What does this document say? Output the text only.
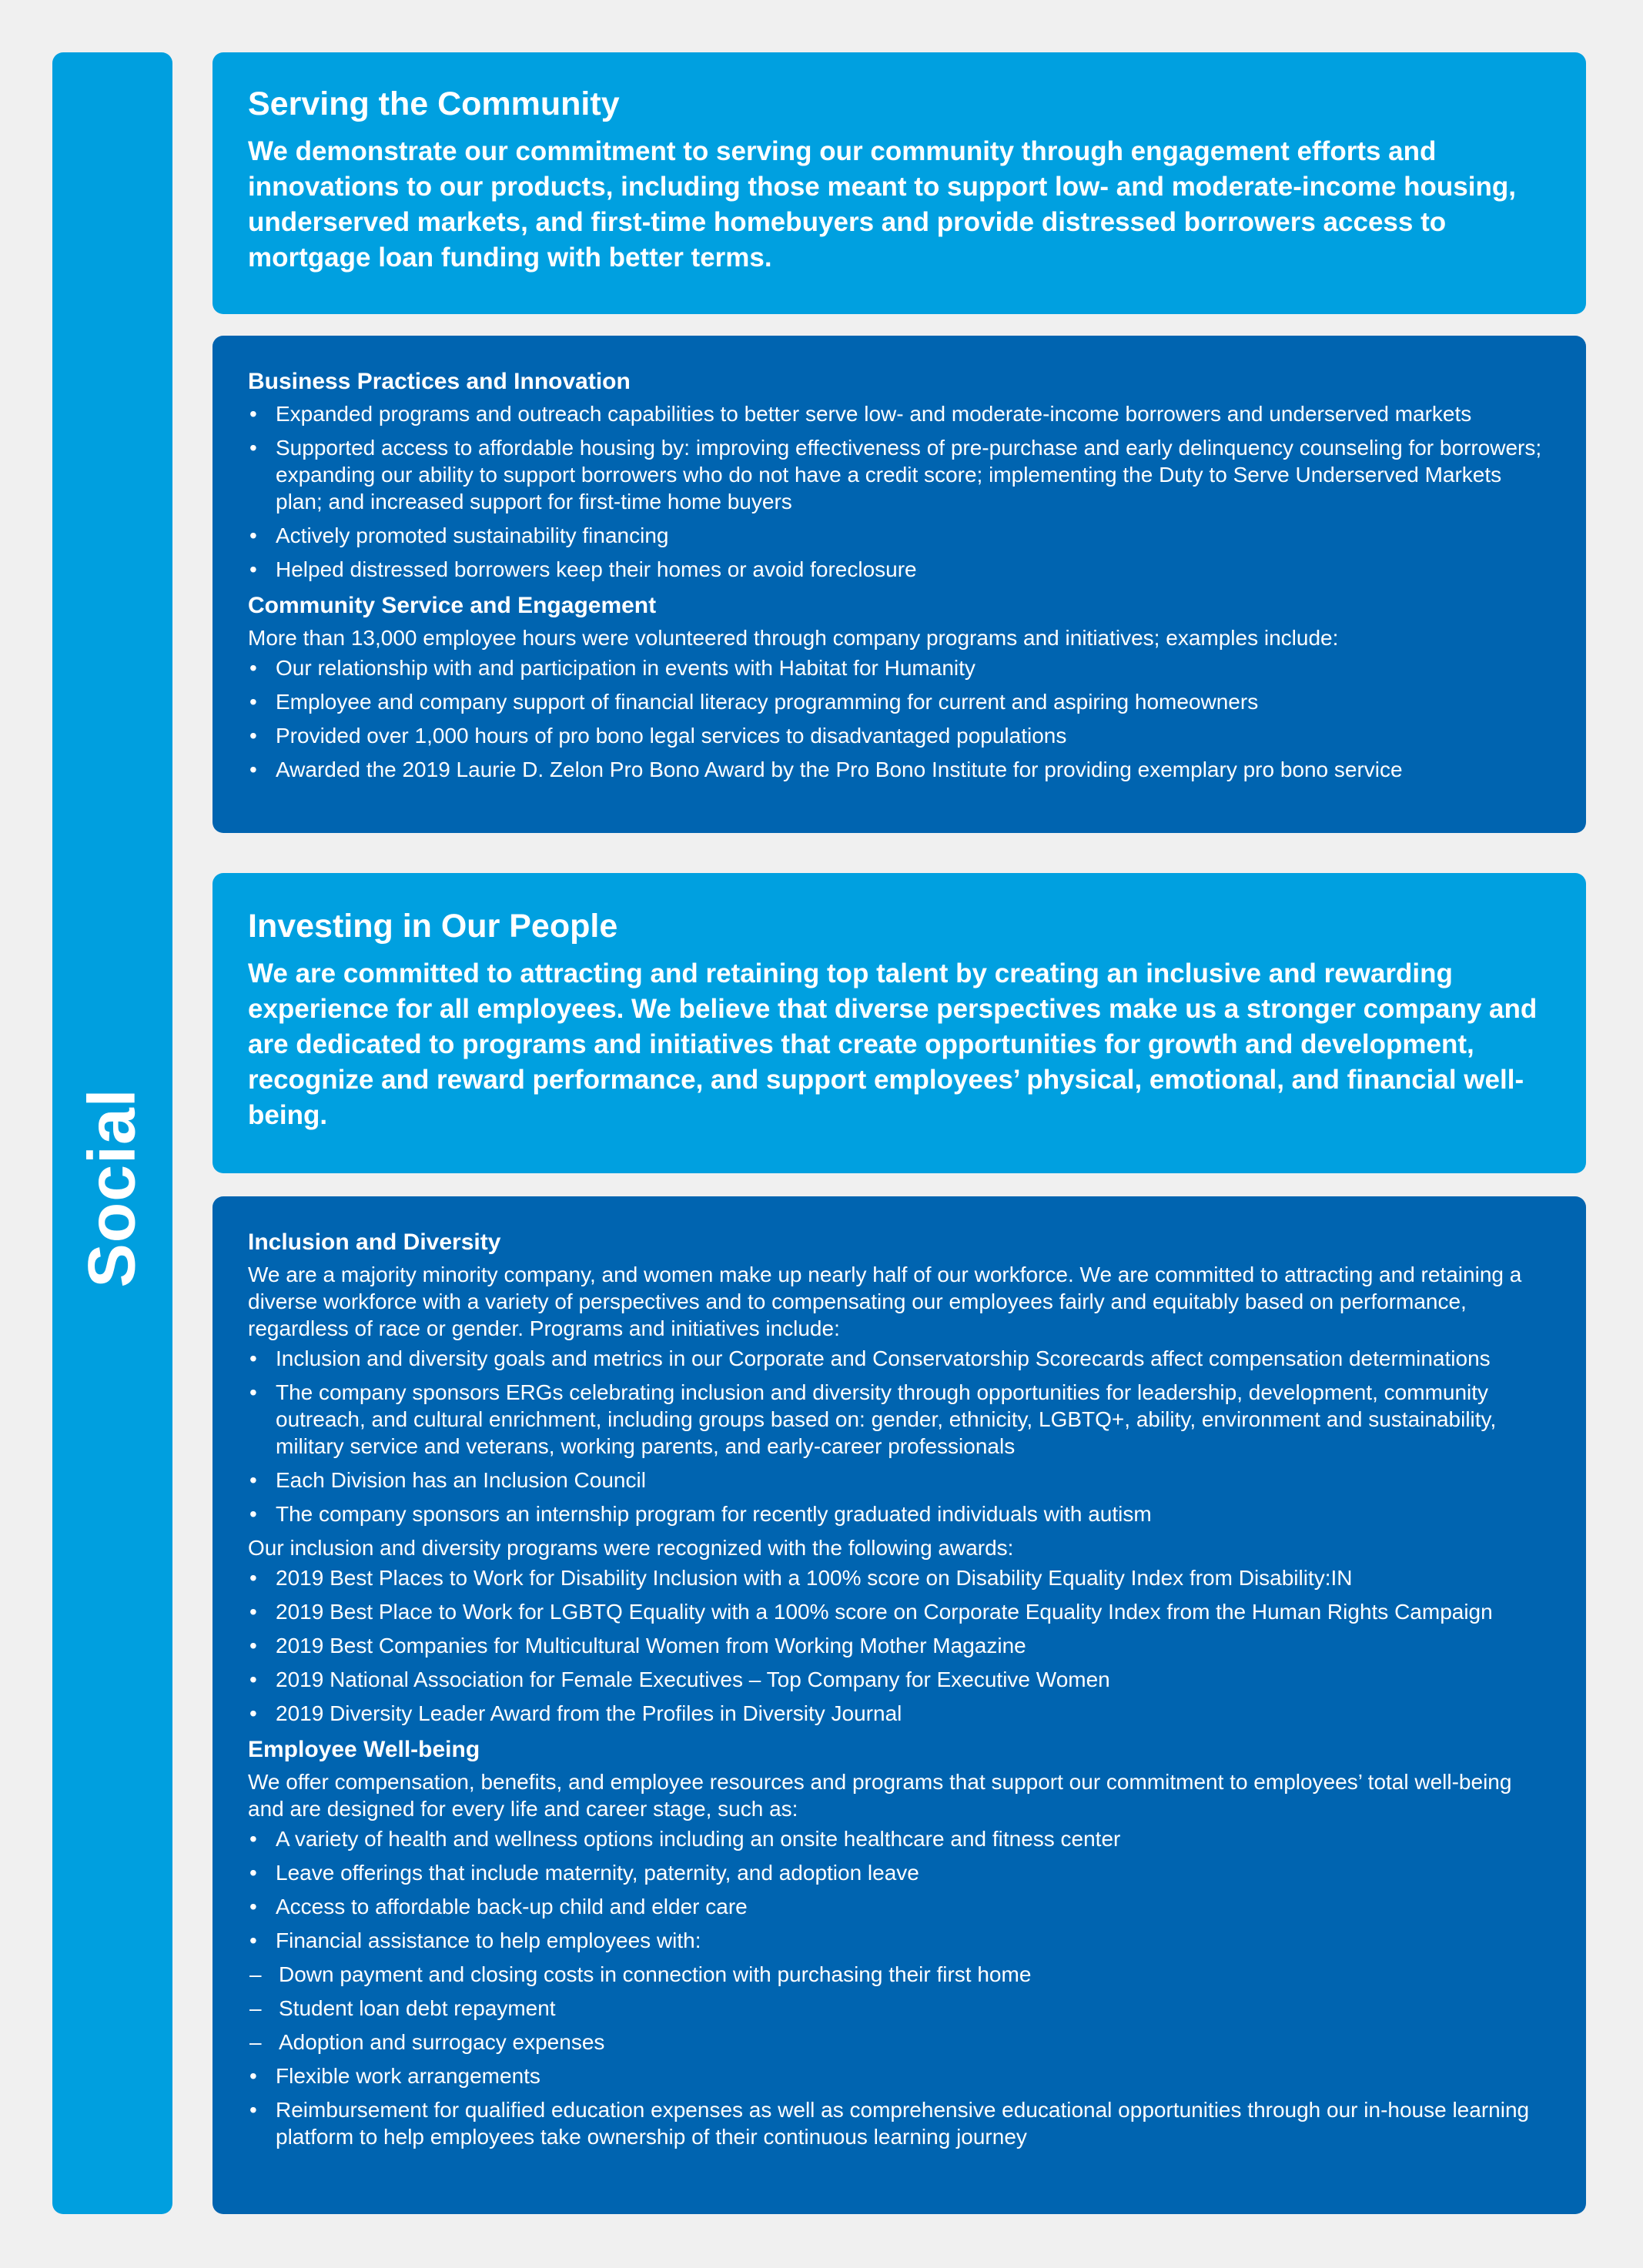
Social
Serving the Community
We demonstrate our commitment to serving our community through engagement efforts and innovations to our products, including those meant to support low- and moderate-income housing, underserved markets, and first-time homebuyers and provide distressed borrowers access to mortgage loan funding with better terms.
Business Practices and Innovation
• Expanded programs and outreach capabilities to better serve low- and moderate-income borrowers and underserved markets
• Supported access to affordable housing by: improving effectiveness of pre-purchase and early delinquency counseling for borrowers; expanding our ability to support borrowers who do not have a credit score; implementing the Duty to Serve Underserved Markets plan; and increased support for first-time home buyers
• Actively promoted sustainability financing
• Helped distressed borrowers keep their homes or avoid foreclosure
Community Service and Engagement
More than 13,000 employee hours were volunteered through company programs and initiatives; examples include:
• Our relationship with and participation in events with Habitat for Humanity
• Employee and company support of financial literacy programming for current and aspiring homeowners
• Provided over 1,000 hours of pro bono legal services to disadvantaged populations
• Awarded the 2019 Laurie D. Zelon Pro Bono Award by the Pro Bono Institute for providing exemplary pro bono service
Investing in Our People
We are committed to attracting and retaining top talent by creating an inclusive and rewarding experience for all employees. We believe that diverse perspectives make us a stronger company and are dedicated to programs and initiatives that create opportunities for growth and development, recognize and reward performance, and support employees’ physical, emotional, and financial well-being.
Inclusion and Diversity
We are a majority minority company, and women make up nearly half of our workforce. We are committed to attracting and retaining a diverse workforce with a variety of perspectives and to compensating our employees fairly and equitably based on performance, regardless of race or gender. Programs and initiatives include:
• Inclusion and diversity goals and metrics in our Corporate and Conservatorship Scorecards affect compensation determinations
• The company sponsors ERGs celebrating inclusion and diversity through opportunities for leadership, development, community outreach, and cultural enrichment, including groups based on: gender, ethnicity, LGBTQ+, ability, environment and sustainability, military service and veterans, working parents, and early-career professionals
• Each Division has an Inclusion Council
• The company sponsors an internship program for recently graduated individuals with autism
Our inclusion and diversity programs were recognized with the following awards:
• 2019 Best Places to Work for Disability Inclusion with a 100% score on Disability Equality Index from Disability:IN
• 2019 Best Place to Work for LGBTQ Equality with a 100% score on Corporate Equality Index from the Human Rights Campaign
• 2019 Best Companies for Multicultural Women from Working Mother Magazine
• 2019 National Association for Female Executives – Top Company for Executive Women
• 2019 Diversity Leader Award from the Profiles in Diversity Journal
Employee Well-being
We offer compensation, benefits, and employee resources and programs that support our commitment to employees’ total well-being and are designed for every life and career stage, such as:
• A variety of health and wellness options including an onsite healthcare and fitness center
• Leave offerings that include maternity, paternity, and adoption leave
• Access to affordable back-up child and elder care
• Financial assistance to help employees with:
– Down payment and closing costs in connection with purchasing their first home
– Student loan debt repayment
– Adoption and surrogacy expenses
• Flexible work arrangements
• Reimbursement for qualified education expenses as well as comprehensive educational opportunities through our in-house learning platform to help employees take ownership of their continuous learning journey
